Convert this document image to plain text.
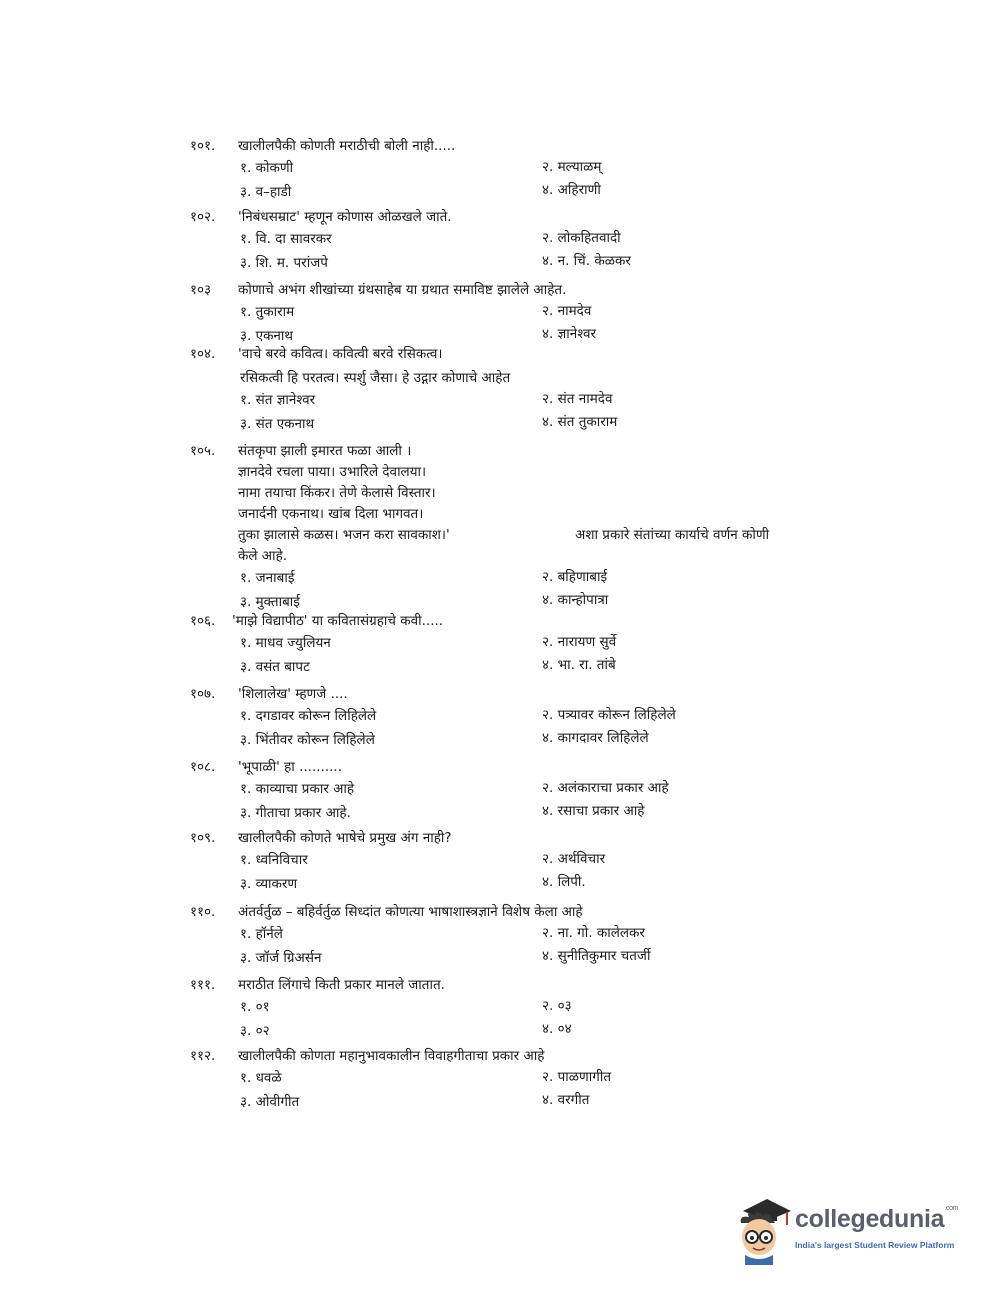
१०१. खालीलपैकी कोणती मराठीची बोली नाही.....
१. कोकणी	२. मल्याळम्
३. व–हाडी	४. अहिराणी
१०२. 'निबंधसम्राट' म्हणून कोणास ओळखले जाते.
१. वि. दा सावरकर	२. लोकहितवादी
३. शि. म. परांजपे	४. न. चिं. केळकर
१०३ कोणाचे अभंग शीखांच्या ग्रंथसाहेब या ग्रथात समाविष्ट झालेले आहेत.
१. तुकाराम	२. नामदेव
३. एकनाथ	४. ज्ञानेश्वर
१०४. 'वाचे बरवे कवित्व। कवित्वी बरवे रसिकत्व।
रसिकत्वी हि परतत्व। स्पर्शु जैसा। हे उद्गार कोणाचे आहेत
१. संत ज्ञानेश्वर	२. संत नामदेव
३. संत एकनाथ	४. संत तुकाराम
१०५. संतकृपा झाली इमारत फळा आली ।
ज्ञानदेवे रचला पाया। उभारिले देवालया।
नामा तयाचा किंकर। तेणे केलासे विस्तार।
जनार्दनी एकनाथ। खांब दिला भागवत।
तुका झालासे कळस। भजन करा सावकाश।'	अशा प्रकारे संतांच्या कार्याचे वर्णन कोणी
केले आहे.
१. जनाबाई	२. बहिणाबाई
३. मुक्ताबाई	४. कान्होपात्रा
१०६. 'माझे विद्यापीठ' या कवितासंग्रहाचे कवी.....
१. माधव ज्युलियन	२. नारायण सुर्वे
३. वसंत बापट	४. भा. रा. तांबे
१०७. 'शिलालेख' म्हणजे ....
१. दगडावर कोरून लिहिलेले	२. पत्र्यावर कोरून लिहिलेले
३. भिंतीवर कोरून लिहिलेले	४. कागदावर लिहिलेले
१०८. 'भूपाळी' हा ..........
१. काव्याचा प्रकार आहे	२. अलंकाराचा प्रकार आहे
३. गीताचा प्रकार आहे.	४. रसाचा प्रकार आहे
१०९. खालीलपैकी कोणते भाषेचे प्रमुख अंग नाही?
१. ध्वनिविचार	२. अर्थविचार
३. व्याकरण	४. लिपी.
११०. अंतर्वर्तुळ – बहिर्वर्तुळ सिध्दांत कोणत्या भाषाशास्त्रज्ञाने विशेष केला आहे
१. हॉर्नले	२. ना. गो. कालेलकर
३. जॉर्ज ग्रिअर्सन	४. सुनीतिकुमार चतर्जी
१११. मराठीत लिंगाचे किती प्रकार मानले जातात.
१. ०१	२. ०३
३. ०२	४. ०४
११२. खालीलपैकी कोणता महानुभावकालीन विवाहगीताचा प्रकार आहे
१. धवळे	२. पाळणागीत
३. ओवीगीत	४. वरगीत
collegedunia$^{.com}$
India's largest Student Review Platform
